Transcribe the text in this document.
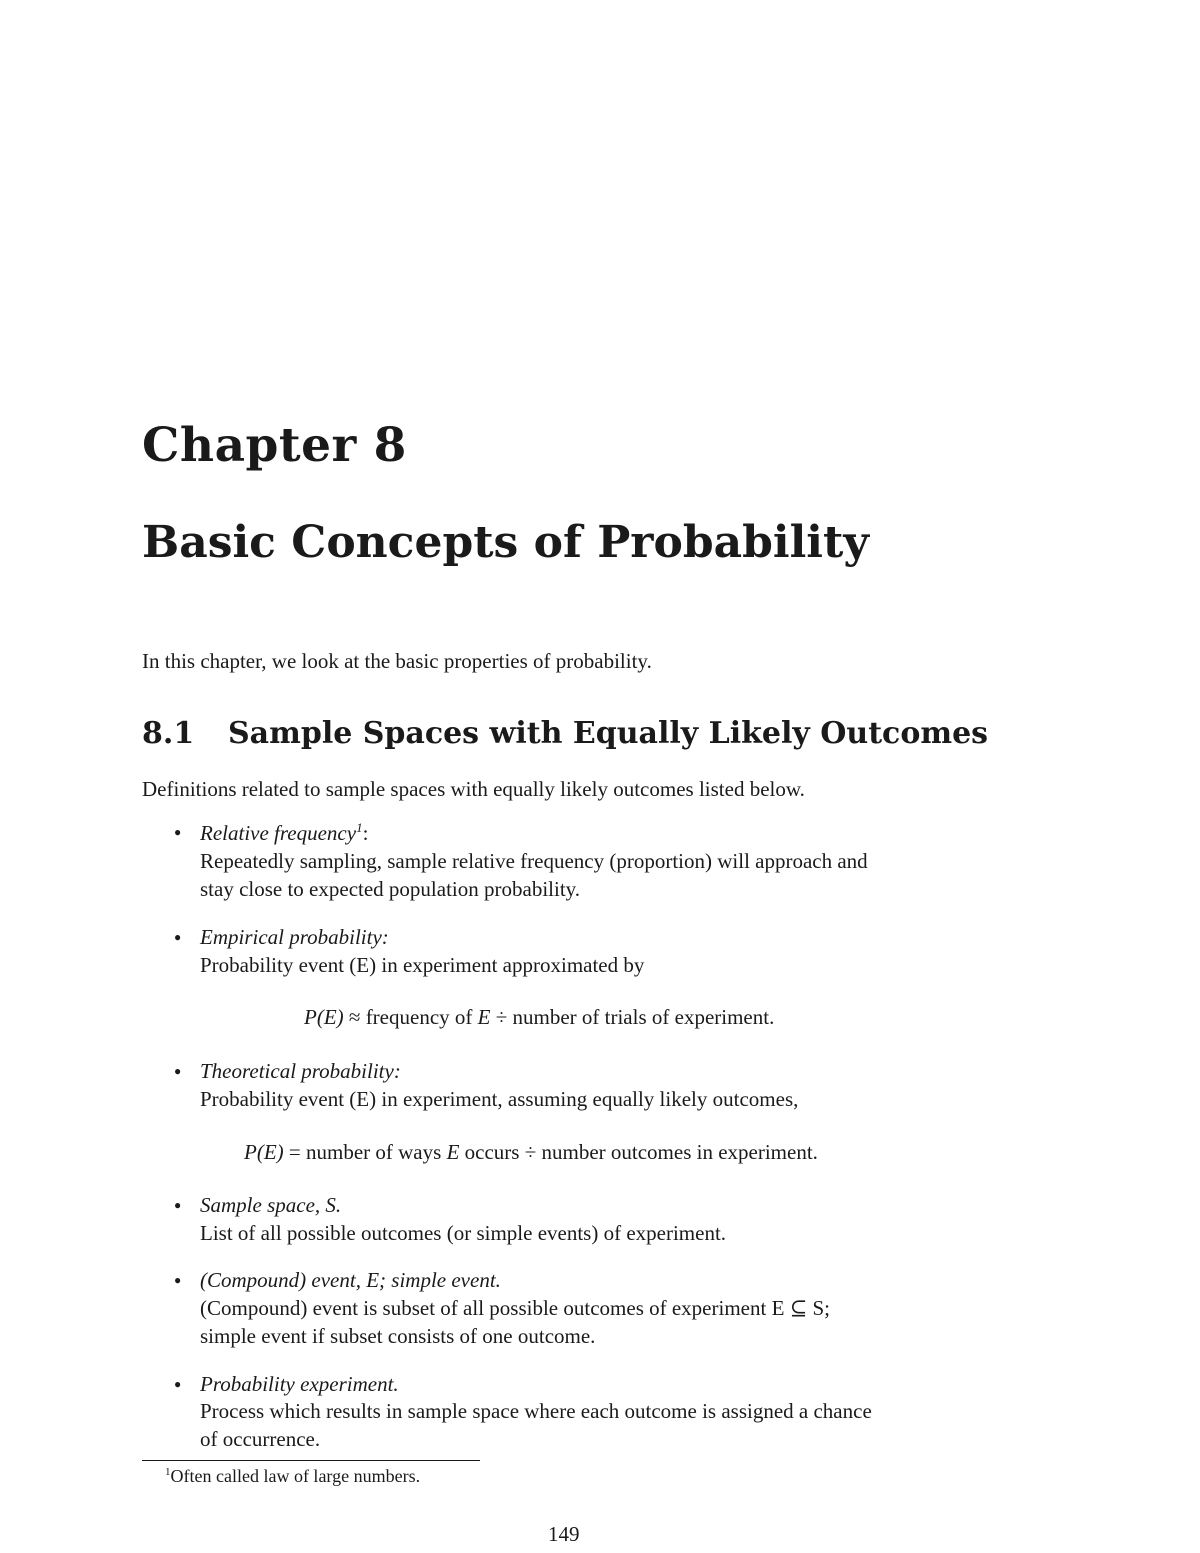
Chapter 8
Basic Concepts of Probability
In this chapter, we look at the basic properties of probability.
8.1 Sample Spaces with Equally Likely Outcomes
Definitions related to sample spaces with equally likely outcomes listed below.
● Relative frequency$^1$:
Repeatedly sampling, sample relative frequency (proportion) will approach and
stay close to expected population probability.
● Empirical probability:
Probability event (E) in experiment approximated by
P(E) ≈ frequency of E ÷ number of trials of experiment.
● Theoretical probability:
Probability event (E) in experiment, assuming equally likely outcomes,
P(E) = number of ways E occurs ÷ number outcomes in experiment.
● Sample space, S.
List of all possible outcomes (or simple events) of experiment.
● (Compound) event, E; simple event.
(Compound) event is subset of all possible outcomes of experiment E ⊆ S;
simple event if subset consists of one outcome.
● Probability experiment.
Process which results in sample space where each outcome is assigned a chance
of occurrence.
$^1$Often called law of large numbers.
149
